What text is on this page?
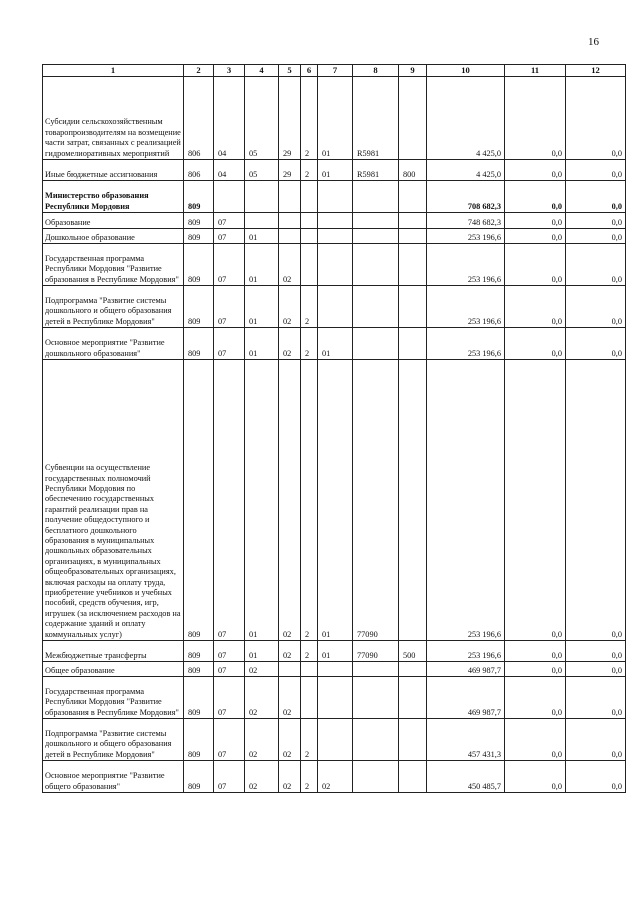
16
1	2	3	4	5	6	7	8	9	10	11	12
Субсидии сельскохозяйственным товаропроизводителям на возмещение части затрат, связанных с реализацией гидромелиоративных мероприятий	806	04	05	29	2	01	R5981		4 425,0	0,0	0,0
Иные бюджетные ассигнования	806	04	05	29	2	01	R5981	800	4 425,0	0,0	0,0
Министерство образования Республики Мордовия	809								708 682,3	0,0	0,0
Образование	809	07							748 682,3	0,0	0,0
Дошкольное образование	809	07	01						253 196,6	0,0	0,0
Государственная программа Республики Мордовия "Развитие образования в Республике Мордовия"	809	07	01	02					253 196,6	0,0	0,0
Подпрограмма "Развитие системы дошкольного и общего образования детей в Республике Мордовия"	809	07	01	02	2				253 196,6	0,0	0,0
Основное мероприятие "Развитие дошкольного образования"	809	07	01	02	2	01			253 196,6	0,0	0,0
Субвенции на осуществление государственных полномочий Республики Мордовия по обеспечению государственных гарантий реализации прав на получение общедоступного и бесплатного дошкольного образования в муниципальных дошкольных образовательных организациях, в муниципальных общеобразовательных организациях, включая расходы на оплату труда, приобретение учебников и учебных пособий, средств обучения, игр, игрушек (за исключением расходов на содержание зданий и оплату коммунальных услуг)	809	07	01	02	2	01	77090		253 196,6	0,0	0,0
Межбюджетные трансферты	809	07	01	02	2	01	77090	500	253 196,6	0,0	0,0
Общее образование	809	07	02						469 987,7	0,0	0,0
Государственная программа Республики Мордовия "Развитие образования в Республике Мордовия"	809	07	02	02					469 987,7	0,0	0,0
Подпрограмма "Развитие системы дошкольного и общего образования детей в Республике Мордовия"	809	07	02	02	2				457 431,3	0,0	0,0
Основное мероприятие "Развитие общего образования"	809	07	02	02	2	02			450 485,7	0,0	0,0
